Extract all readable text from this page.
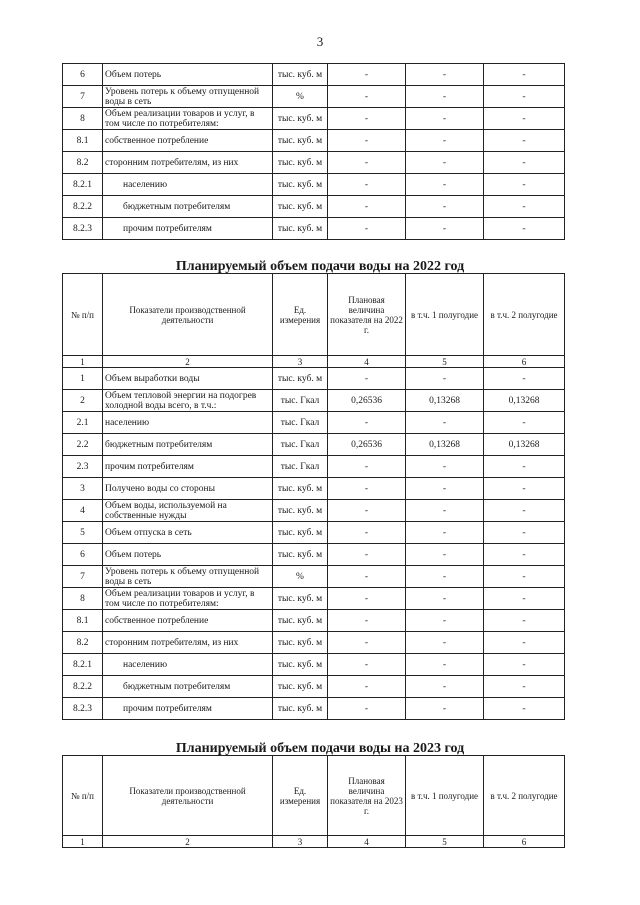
3
6	Объем потерь	тыс. куб. м	-	-	-
7	Уровень потерь к объему отпущенной воды в сеть	%	-	-	-
8	Объем реализации товаров и услуг, в том числе по потребителям:	тыс. куб. м	-	-	-
8.1	собственное потребление	тыс. куб. м	-	-	-
8.2	сторонним потребителям, из них	тыс. куб. м	-	-	-
8.2.1	населению	тыс. куб. м	-	-	-
8.2.2	бюджетным потребителям	тыс. куб. м	-	-	-
8.2.3	прочим потребителям	тыс. куб. м	-	-	-
Планируемый объем подачи воды на 2022 год
№ п/п	Показатели производственной деятельности	Ед. измерения	Плановая величина показателя на 2022 г.	в т.ч. 1 полугодие	в т.ч. 2 полугодие
1	2	3	4	5	6
1	Объем выработки воды	тыс. куб. м	-	-	-
2	Объем тепловой энергии на подогрев холодной воды всего, в т.ч.:	тыс. Гкал	0,26536	0,13268	0,13268
2.1	населению	тыс. Гкал	-	-	-
2.2	бюджетным потребителям	тыс. Гкал	0,26536	0,13268	0,13268
2.3	прочим потребителям	тыс. Гкал	-	-	-
3	Получено воды со стороны	тыс. куб. м	-	-	-
4	Объем воды, используемой на собственные нужды	тыс. куб. м	-	-	-
5	Объем отпуска в сеть	тыс. куб. м	-	-	-
6	Объем потерь	тыс. куб. м	-	-	-
7	Уровень потерь к объему отпущенной воды в сеть	%	-	-	-
8	Объем реализации товаров и услуг, в том числе по потребителям:	тыс. куб. м	-	-	-
8.1	собственное потребление	тыс. куб. м	-	-	-
8.2	сторонним потребителям, из них	тыс. куб. м	-	-	-
8.2.1	населению	тыс. куб. м	-	-	-
8.2.2	бюджетным потребителям	тыс. куб. м	-	-	-
8.2.3	прочим потребителям	тыс. куб. м	-	-	-
Планируемый объем подачи воды на 2023 год
№ п/п	Показатели производственной деятельности	Ед. измерения	Плановая величина показателя на 2023 г.	в т.ч. 1 полугодие	в т.ч. 2 полугодие
1	2	3	4	5	6
